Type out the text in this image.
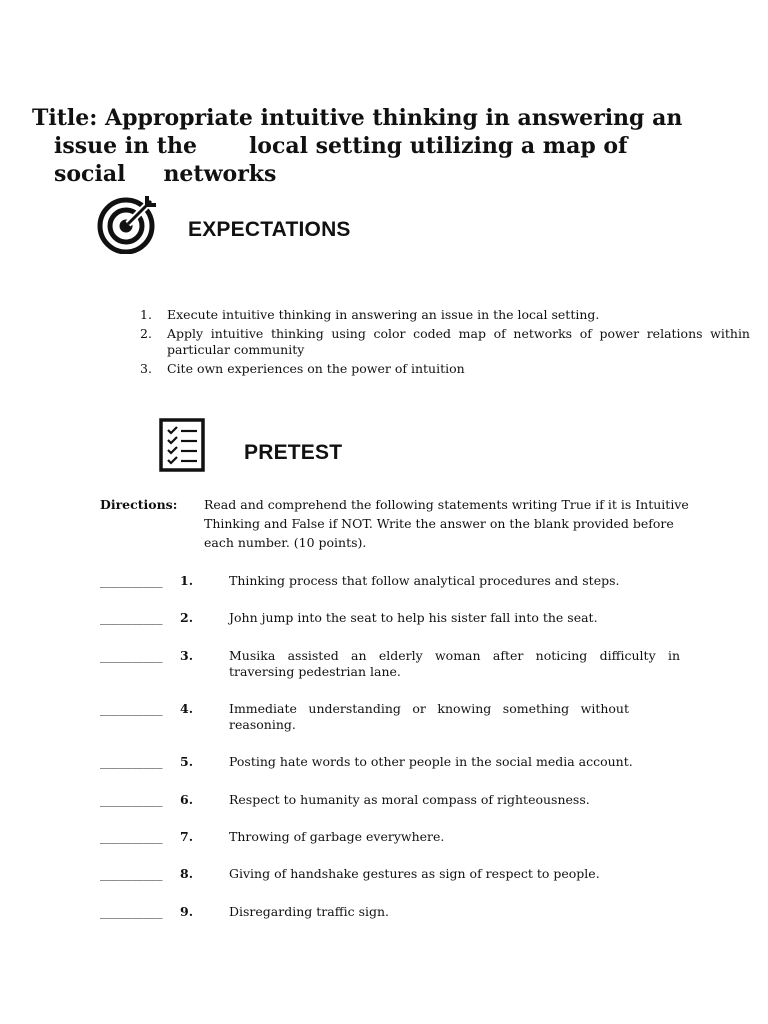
Title: Appropriate intuitive thinking in answering an
issue in the local setting utilizing a map of
social networks
EXPECTATIONS
1. Execute intuitive thinking in answering an issue in the local setting.
2. Apply intuitive thinking using color coded map of networks of power relations within particular community
3. Cite own experiences on the power of intuition
PRETEST
Directions: Read and comprehend the following statements writing True if it is Intuitive Thinking and False if NOT. Write the answer on the blank provided before each number. (10 points).
__________ 1.	Thinking process that follow analytical procedures and steps.
__________ 2.	John jump into the seat to help his sister fall into the seat.
__________ 3.	Musika assisted an elderly woman after noticing difficulty in traversing pedestrian lane.
__________ 4.	Immediate understanding or knowing something without reasoning.
__________ 5.	Posting hate words to other people in the social media account.
__________ 6.	Respect to humanity as moral compass of righteousness.
__________ 7.	Throwing of garbage everywhere.
__________ 8.	Giving of handshake gestures as sign of respect to people.
__________ 9.	Disregarding traffic sign.
